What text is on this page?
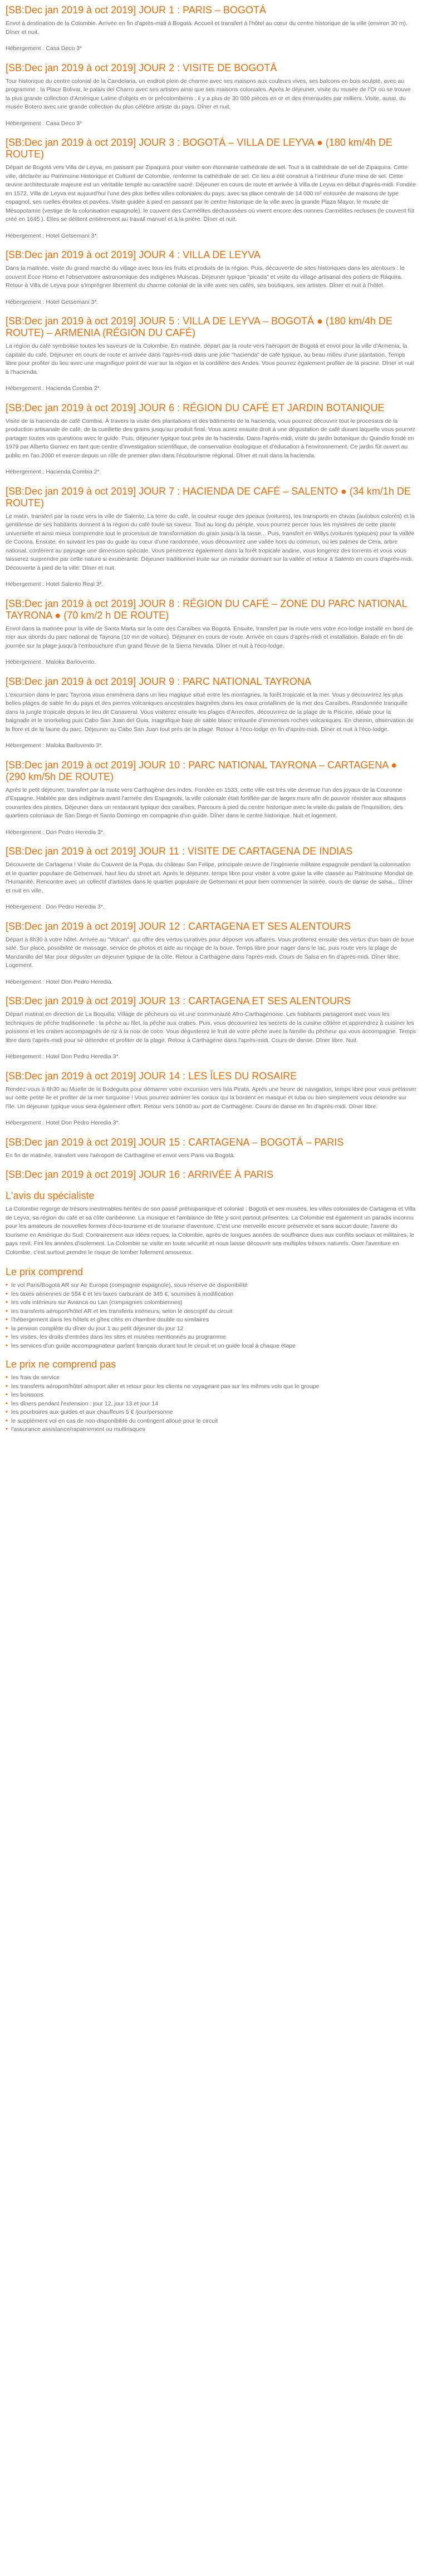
[SB:Dec jan 2019 à oct 2019] JOUR 1 : PARIS – BOGOTÁ

Envol à destination de la Colombie. Arrivée en fin d'après-midi à Bogotá. Accueil et transfert à l'hôtel au cœur du centre historique de la ville (environ 30 m). Dîner et nuit.

Hébergement : Casa Deco 3*

[SB:Dec jan 2019 à oct 2019] JOUR 2 : VISITE DE BOGOTÁ

Tour historique du centre colonial de la Candelaria, un endroit plein de charme avec ses maisons aux couleurs vives, ses balcons en bois sculpté, avec au programme : la Place Bolivar, le palais del Charro avec ses artistes ainsi que ses maisons coloniales. Après le déjeuner, visite du musée de l'Or où se trouve la plus grande collection d'Amérique Latine d'objets en or précolombiens ; il y a plus de 30 000 pièces en or et des émeraudes par milliers. Visite, aussi, du musée Botero avec une grande collection du plus célèbre artiste du pays. Dîner et nuit.

Hébergement : Casa Deco 3*

[SB:Dec jan 2019 à oct 2019] JOUR 3 : BOGOTÁ – VILLA DE LEYVA ● (180 km/4h DE ROUTE)

Départ de Bogotá vers Villa de Leyva, en passant par Zipaquirá pour visiter son étonnante cathédrale de sel. Tout à la cathédrale de sel de Zipaquira. Cette ville, déclarée au Patrimoine Historique et Culturel de Colombie, renferme la cathédrale de sel. Ce lieu a été construit à l'intérieur d'une mine de sel. Cette œuvre architecturale majeure est un véritable temple au caractère sacré. Déjeuner en cours de route et arrivée à Villa de Leyva en début d'après-midi. Fondée en 1572, Villa de Leyva est aujourd'hui l'une des plus belles villes coloniales du pays, avec sa place centrale de 14 000 m² entourée de maisons de type espagnol, ses ruelles étroites et pavées. Visite guidée à pied en passant par le centre historique de la ville avec la grande Plaza Mayor, le musée de Mésopotamie (vestige de la colonisation espagnole), le couvent des Carmélites déchaussées où vivent encore des nonnes Carmélites recluses (le couvent fût créé en 1645 ). Elles se délitent entièrement au travail manuel et à la prière. Dîner et nuit.

Hébergement : Hotel Getsemani 3*.

[SB:Dec jan 2019 à oct 2019] JOUR 4 : VILLA DE LEYVA

Dans la matinée, visite du grand marché du village avec tous les fruits et produits de la région. Puis, découverte de sites historiques dans les alentours : le couvent Ecce Homo et l'observatoire astronomique des indigènes Muiscas. Déjeuner typique "picada" et visite du village artisanal des potiers de Ráquira. Retour à Villa de Leyva pour s'imprégner librement du charme colonial de la ville avec ses cafés, ses boutiques, ses artistes. Dîner et nuit à l'hôtel.

Hébergement : Hotel Getsemani 3*.

[SB:Dec jan 2019 à oct 2019] JOUR 5 : VILLA DE LEYVA – BOGOTÁ ● (180 km/4h DE ROUTE) – ARMENIA (RÉGION DU CAFÉ)

La région du café symbolise toutes les saveurs de la Colombie. En matinée, départ par la route vers l'aéroport de Bogotá et envol pour la ville d'Armenia, la capitale du café. Déjeuner en cours de route et arrivée dans l'après-midi dans une jolie "hacienda" de café typique, au beau milieu d'une plantation. Temps libre pour profiter du lieu avec une magnifique point de vue sur la région et la cordillère des Andes. Vous pourrez également profiter de la piscine. Dîner et nuit à l'hacienda.

Hébergement : Hacienda Combia 2*.

[SB:Dec jan 2019 à oct 2019] JOUR 6 : RÉGION DU CAFÉ ET JARDIN BOTANIQUE

Visite de la hacienda de café Combia. À travers la visite des plantations et des bâtiments de la hacienda, vous pourrez découvrir tout le processus de la production artisanale de café, de la cueillette des grains jusqu'au produit final. Vous aurez ensuite droit à une dégustation de café durant laquelle vous pourrez partager toutes vos questions avec le guide. Puis, déjeuner typique tout près de la hacienda. Dans l'après-midi, visite du jardin botanique du Quindío fondé en 1979 par Alberto Gomez en tant que centre d'investigation scientifique, de conservation écologique et d'éducation à l'environnement. Ce jardin fût ouvert au public en l'an 2000 et exerce depuis un rôle de premier plan dans l'écotourisme régional. Dîner et nuit dans la hacienda.

Hébergement : Hacienda Combia 2*.

[SB:Dec jan 2019 à oct 2019] JOUR 7 : HACIENDA DE CAFÉ – SALENTO ● (34 km/1h DE ROUTE)

Le matin, transfert par la route vers la ville de Salento. La terre du café, la couleur rouge des jipeaux (voitures), les transports en chivas (autobus colorés) et la gentillesse de ses habitants donnent à la région du café toute sa saveur. Tout au long du périple, vous pourrez percer tous les mystères de cette plante universelle et ainsi mieux comprendre tout le processus de transformation du grain jusqu'à la tasse... Puis, transfert en Willys (voitures typiques) pour la vallée de Cocora. Ensuite, én suivant les pas du guide au cœur d'une randonnée, vous découvrirez une vallée hors du commun, où les palmes de Cera, arbre national, confèrent au paysage une dimension spéciale. Vous pénétrerez également dans la forêt tropicale andine, vous longerez des torrents et vous vous laisserez surprendre par cette nature si exubérante. Déjeuner traditionnel truite sur un mirador donnant sur la vallée et retour à Salento en cours d'après-midi. Découverte à pied de la ville. Dîner et nuit.

Hébergement : Hotel Salento Real 3*.

[SB:Dec jan 2019 à oct 2019] JOUR 8 : RÉGION DU CAFÉ – ZONE DU PARC NATIONAL TAYRONA ● (70 km/2 h DE ROUTE)

Envol dans la matinée pour la ville de Santa Marta sur la cote des Caraïbes via Bogotá. Ensuite, transfert par la route vers votre éco-lodge installé en bord de mer aux abords du parc national de Tayrona (10 mn de voiture). Déjeuner en cours de route. Arrivée en cours d'après-midi et installation. Balade en fin de journée sur la plage jusqu'à l'embouchure d'un grand fleuve de la Sierra Nevada. Dîner et nuit à l'éco-lodge.

Hébergement : Maloka Barlovento.

[SB:Dec jan 2019 à oct 2019] JOUR 9 : PARC NATIONAL TAYRONA

L'excursion dans le parc Tayrona vous emmènera dans un lieu magique situé entre les montagnes, la forêt tropicale et la mer. Vous y découvrirez les plus belles plages de sable fin du pays et des pierres volcaniques ancestrales baignées dans les eaux cristallines de la mer des Caraïbes. Randonnée tranquille dans la jungle tropicale depuis le lieu dit Canaveral. Vous visiterez ensuite les plages d'Arrecifes, découvrirez de la plage de la Piscine, idéale pour la baignade et le snorkeling puis Cabo San Juan del Guia, magnifique baie de sable blanc entourée d'immenses roches volcaniques. En chemin, observation de la flore et de la faune du parc. Déjeuner au Cabo San Juan tout près de la plage. Retour à l'éco-lodge en fin d'après-midi. Dîner et nuit à l'éco-lodge.

Hébergement : Maloka Barlovento 3*.

[SB:Dec jan 2019 à oct 2019] JOUR 10 : PARC NATIONAL TAYRONA – CARTAGENA ● (290 km/5h DE ROUTE)

Après le petit déjeuner, transfert par la route vers Carthagène des Indes. Fondée en 1533, cette ville est très vite devenue l'un des joyaux de la Couronne d'Espagne. Habitée par des indigènes avant l'arrivée des Espagnols, la ville coloniale était fortifiée par de larges murs afin de pouvoir résister aux attaques courantes des pirates. Déjeuner dans un restaurant typique des caraïbes. Parcours à pied du centre historique avec la visite du palais de l'Inquisition, des quartiers coloniaux de San Diego et Santo Domingo en compagnie d'un guide. Dîner dans le centre historique. Nuit et logement.

Hébergement : Don Pedro Heredia 3*.

[SB:Dec jan 2019 à oct 2019] JOUR 11 : VISITE DE CARTAGENA DE INDIAS

Découverte de Cartagena ! Visite du Couvent de la Popa, du château San Felipe, principale œuvre de l'ingénierie militaire espagnole pendant la colonisation et le quartier populaire de Getsemani, haut lieu du street art. Après le déjeuner, temps libre pour visiter à votre guise la ville classée au Patrimoine Mondial de l'Humanité. Rencontre avec un collectif d'artistes dans le quartier populaire de Getsemani et pour bien commencer la soirée, cours de danse de salsa... Dîner et nuit en ville.

Hébergement : Don Pedro Heredia 3*.

[SB:Dec jan 2019 à oct 2019] JOUR 12 : CARTAGENA ET SES ALENTOURS

Départ à 8h30 à votre hôtel. Arrivée au "Volcan", qui offre des vertus curatives pour déposer vos affaires. Vous profiterez ensuite des vertus d'un bain de boue salé. Sur place, possibilité de massage, service de photos et aide au rinçage de la boue. Temps libre pour nager dans le lac, puis route vers la plage de Manzanillo del Mar pour déguster un déjeuner typique de la côte. Retour à Carthagène dans l'après-midi. Cours de Salsa en fin d'après-midi. Dîner libre. Logement.

Hébergement : Hotel Don Pedro Heredia.

[SB:Dec jan 2019 à oct 2019] JOUR 13 : CARTAGENA ET SES ALENTOURS

Départ matinal en direction de La Boquilla. Village de pêcheurs où vit une communauté Afro-Carthagénoise. Les habitants partageront avec vous les techniques de pêche traditionnelle : la pêche au filet, la pêche aux crabes. Puis, vous découvrirez les secrets de la cuisine côtière et apprendrez à cuisiner les poissons et les crabes accompagnés de riz à la noix de coco. Vous dégusterez le fruit de votre pêche avec la famille du pêcheur qui vous accompagne. Temps libre dans l'après-midi pour se détendre et profiter de la plage. Retour à Carthagène dans l'après-midi. Cours de danse. Dîner libre. Nuit.

Hébergement : Hotel Don Pedro Heredia 3*.

[SB:Dec jan 2019 à oct 2019] JOUR 14 : LES ÎLES DU ROSAIRE

Rendez-vous à 8h30 au Muelle de la Bodeguita pour démarrer votre excursion vers Isla Pirata. Après une heure de navigation, temps libre pour vous prélasser sur cette petite île et profiter de la mer turquoise ! Vous pourrez admirer les coraux qui la bordent en masque et tuba ou bien simplement vous détendre sur l'île. Un déjeuner typique vous sera également offert. Retour vers 16h00 au port de Carthagène. Cours de danse en fin d'après-midi. Dîner libre.

Hébergement : Hotel Don Pedro Heredia 3*.

[SB:Dec jan 2019 à oct 2019] JOUR 15 : CARTAGENA – BOGOTÁ – PARIS

En fin de matinée, transfert vers l'aéroport de Carthagène et envol vers Paris via Bogotá.

[SB:Dec jan 2019 à oct 2019] JOUR 16 : ARRIVÉE À PARIS
L'avis du spécialiste

La Colombie regorge de trésors inestimables hérités de son passé préhispanique et colonial : Bogotá et ses musées, les villes coloniales de Cartagena et Villa de Leyva, sa région du café et sa côte caribéenne. La musique et l'ambiance de fête y sont partout présentes. La Colombie est également un paradis inconnu pour les amateurs de nouvelles formes d'éco-tourisme et de tourisme d'aventure. C'est une merveille encore préservée et sans aucun doute, l'avenir du tourisme en Amérique du Sud. Contrairement aux idées reçues, la Colombie, après de longues années de souffrance dues aux conflits sociaux et militaires, le pays revit. Fini les années d'isolement. La Colombie se visite en toute sécurité et nous laisse découvrir ses multiples trésors naturels. Oser l'aventure en Colombie, c'est surtout prendre le risque de tomber follement amoureux.

Le prix comprend
■ le vol Paris/Bogotá AR sur Air Europa (compagnie espagnole), sous réserve de disponibilité
■ les taxes aériennes de 554 € et les taxes carburant de 345 €, soumises à modification
■ les vols intérieurs sur Avianca ou Lan (compagnies colombiennes)
■ les transferts aéroport/hôtel AR et les transferts intérieurs, selon le descriptif du circuit
■ l'hébergement dans les hôtels et gîtes cités en chambre double ou similaires
■ la pension complète du dîner du jour 1 au petit déjeuner du jour 12
■ les visites, les droits d'entrées dans les sites et musées mentionnés au programme
■ les services d'un guide accompagnateur parlant français durant tout le circuit et un guide local à chaque étape
Le prix ne comprend pas
■ les frais de service
■ les transferts aéroport/hôtel aéroport aller et retour pour les clients ne voyageant pas sur les mêmes vols que le groupe
■ les boissons
■ les dîners pendant l'extension : jour 12, jour 13 et jour 14
■ les pourboires aux guides et aux chauffeurs 5 € /jour/personne
■ le supplément vol en cas de non-disponibilité du contingent alloué pour le circuit
■ l'assurance assistance/rapatriement ou multirisques
